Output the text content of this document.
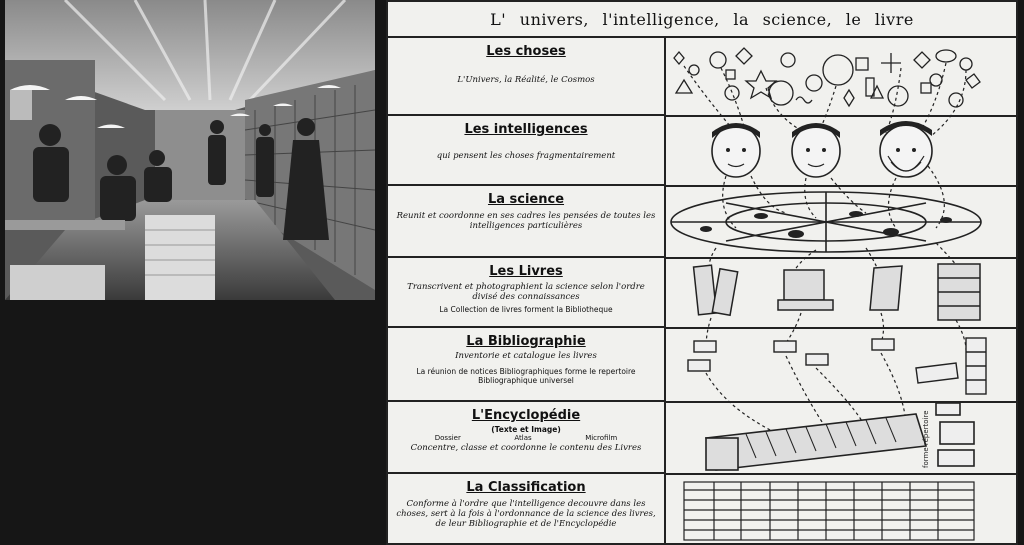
L' univers, l'intelligence, la science, le livre
Les choses
L'Univers, la Réalité, le Cosmos
Les intelligences
qui pensent les choses fragmentairement
La science
Reunit et coordonne en ses cadres les pensées de toutes les intelligences particulières
Les Livres
Transcrivent et photographient la science selon l'ordre divisé des connaissances
La Collection de livres forment la Bibliotheque
La Bibliographie
Inventorie et catalogue les livres
La réunion de notices Bibliographiques forme le repertoire Bibliographique universel
L'Encyclopédie
(Texte et Image)
Dossier	Atlas	Microfilm
Concentre, classe et coordonne le contenu des Livres
La Classification
Conforme à l'ordre que l'intelligence decouvre dans les choses, sert à la fois à l'ordonnance de la science des livres, de leur Bibliographie et de l'Encyclopédie
forme répertoire
